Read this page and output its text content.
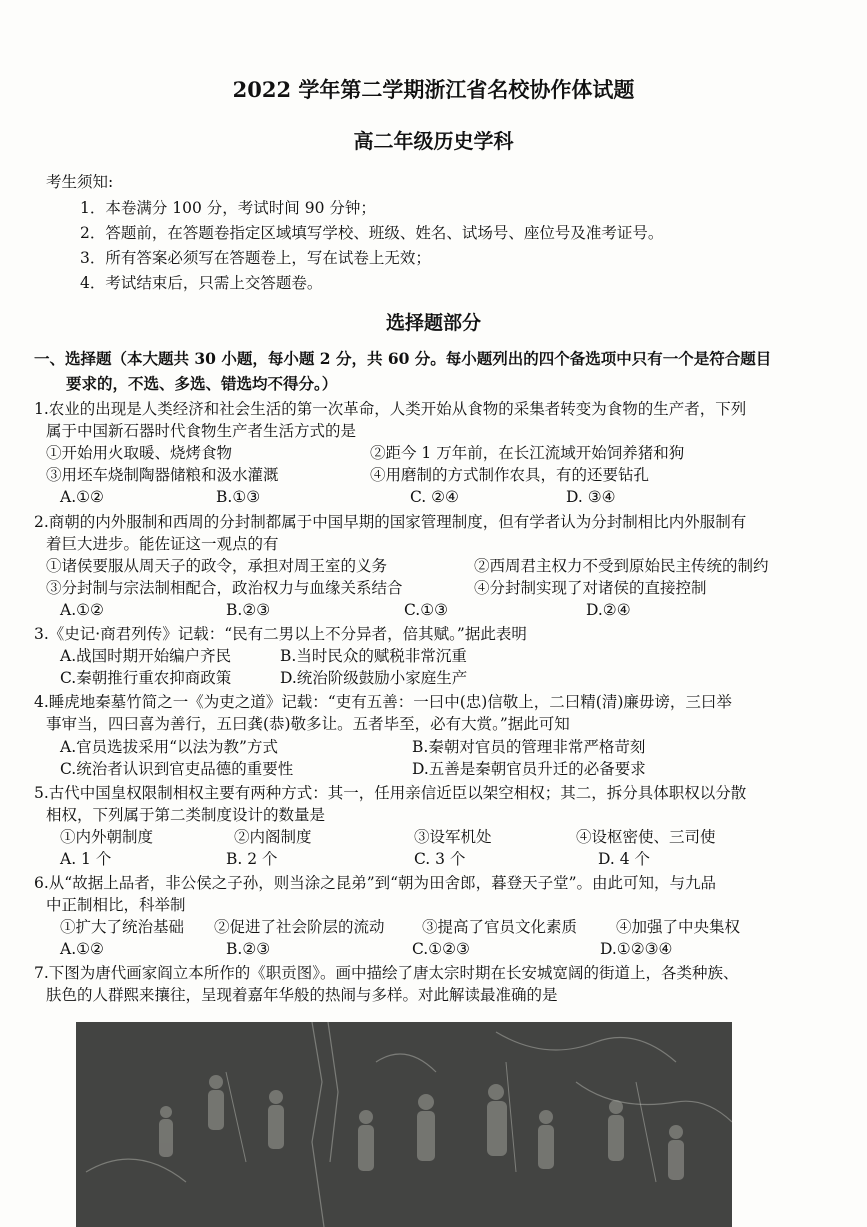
2022 学年第二学期浙江省名校协作体试题
高二年级历史学科
考生须知:
1．本卷满分 100 分，考试时间 90 分钟；
2．答题前，在答题卷指定区域填写学校、班级、姓名、试场号、座位号及准考证号。
3．所有答案必须写在答题卷上，写在试卷上无效；
4．考试结束后，只需上交答题卷。
选择题部分
一、选择题（本大题共 30 小题，每小题 2 分，共 60 分。每小题列出的四个备选项中只有一个是符合题目
要求的，不选、多选、错选均不得分。）
1.农业的出现是人类经济和社会生活的第一次革命，人类开始从食物的采集者转变为食物的生产者，下列
属于中国新石器时代食物生产者生活方式的是
①开始用火取暖、烧烤食物	②距今 1 万年前，在长江流域开始饲养猪和狗
③用坯车烧制陶器储粮和汲水灌溉	④用磨制的方式制作农具，有的还要钻孔
A.①②	B.①③	C. ②④	D. ③④
2.商朝的内外服制和西周的分封制都属于中国早期的国家管理制度，但有学者认为分封制相比内外服制有
着巨大进步。能佐证这一观点的有
①诸侯要服从周天子的政令，承担对周王室的义务	②西周君主权力不受到原始民主传统的制约
③分封制与宗法制相配合，政治权力与血缘关系结合	④分封制实现了对诸侯的直接控制
A.①②	B.②③	C.①③	D.②④
3.《史记·商君列传》记载：“民有二男以上不分异者，倍其赋。”据此表明
A.战国时期开始编户齐民	B.当时民众的赋税非常沉重
C.秦朝推行重农抑商政策	D.统治阶级鼓励小家庭生产
4.睡虎地秦墓竹简之一《为吏之道》记载：“吏有五善：一曰中(忠)信敬上，二曰精(清)廉毋谤，三曰举
事审当，四曰喜为善行，五曰龚(恭)敬多让。五者毕至，必有大赏。”据此可知
A.官员选拔采用“以法为教”方式	B.秦朝对官员的管理非常严格苛刻
C.统治者认识到官吏品德的重要性	D.五善是秦朝官员升迁的必备要求
5.古代中国皇权限制相权主要有两种方式：其一，任用亲信近臣以架空相权；其二，拆分具体职权以分散
相权，下列属于第二类制度设计的数量是
①内外朝制度	②内阁制度	③设军机处	④设枢密使、三司使
A. 1 个	B. 2 个	C. 3 个	D. 4 个
6.从“故据上品者，非公侯之子孙，则当涂之昆弟”到“朝为田舍郎，暮登天子堂”。由此可知，与九品
中正制相比，科举制
①扩大了统治基础 ②促进了社会阶层的流动 ③提高了官员文化素质	④加强了中央集权
A.①②	B.②③	C.①②③	D.①②③④
7.下图为唐代画家阎立本所作的《职贡图》。画中描绘了唐太宗时期在长安城宽阔的街道上，各类种族、
肤色的人群熙来攘往，呈现着嘉年华般的热闹与多样。对此解读最准确的是
